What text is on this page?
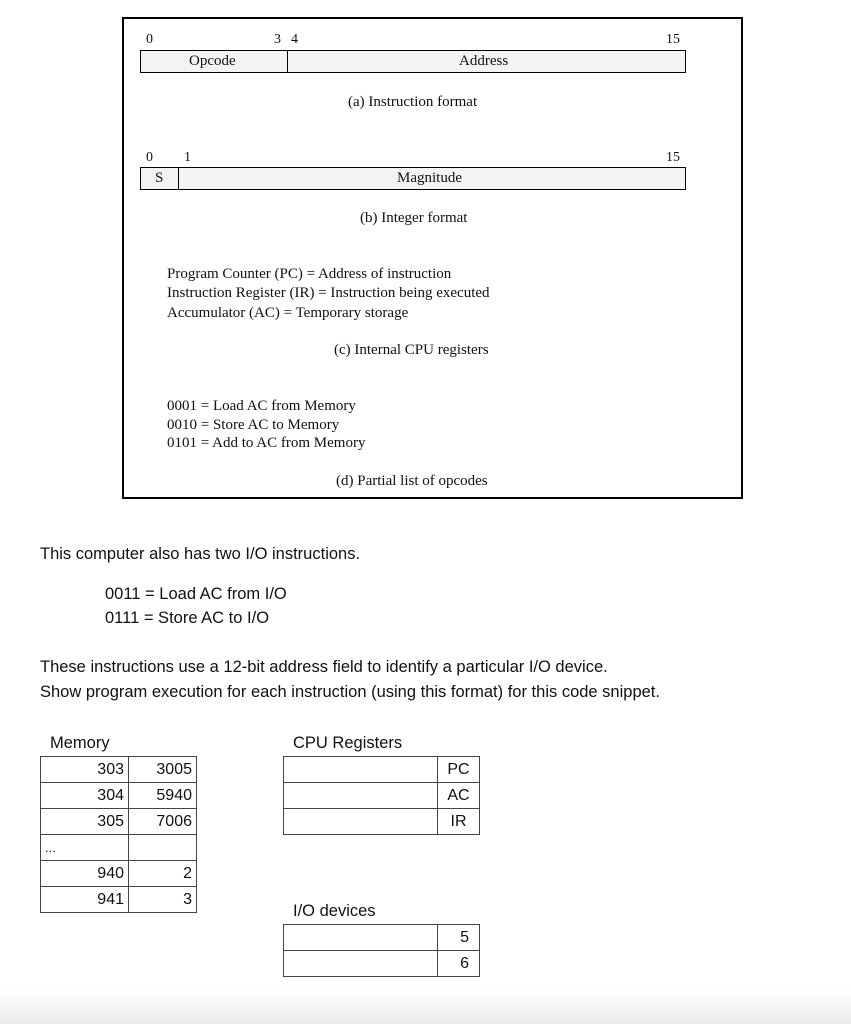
0	3 4	15
Opcode	Address
(a) Instruction format
0 1	15
S	Magnitude
(b) Integer format
Program Counter (PC) = Address of instruction
Instruction Register (IR) = Instruction being executed
Accumulator (AC) = Temporary storage
(c) Internal CPU registers
0001 = Load AC from Memory
0010 = Store AC to Memory
0101 = Add to AC from Memory
(d) Partial list of opcodes
This computer also has two I/O instructions.
0011 = Load AC from I/O
0111 = Store AC to I/O
These instructions use a 12-bit address field to identify a particular I/O device.
Show program execution for each instruction (using this format) for this code snippet.
Memory
303	3005
304	5940
305	7006
...	
940	2
941	3
CPU Registers
	PC
	AC
	IR
I/O devices
	5
	6
